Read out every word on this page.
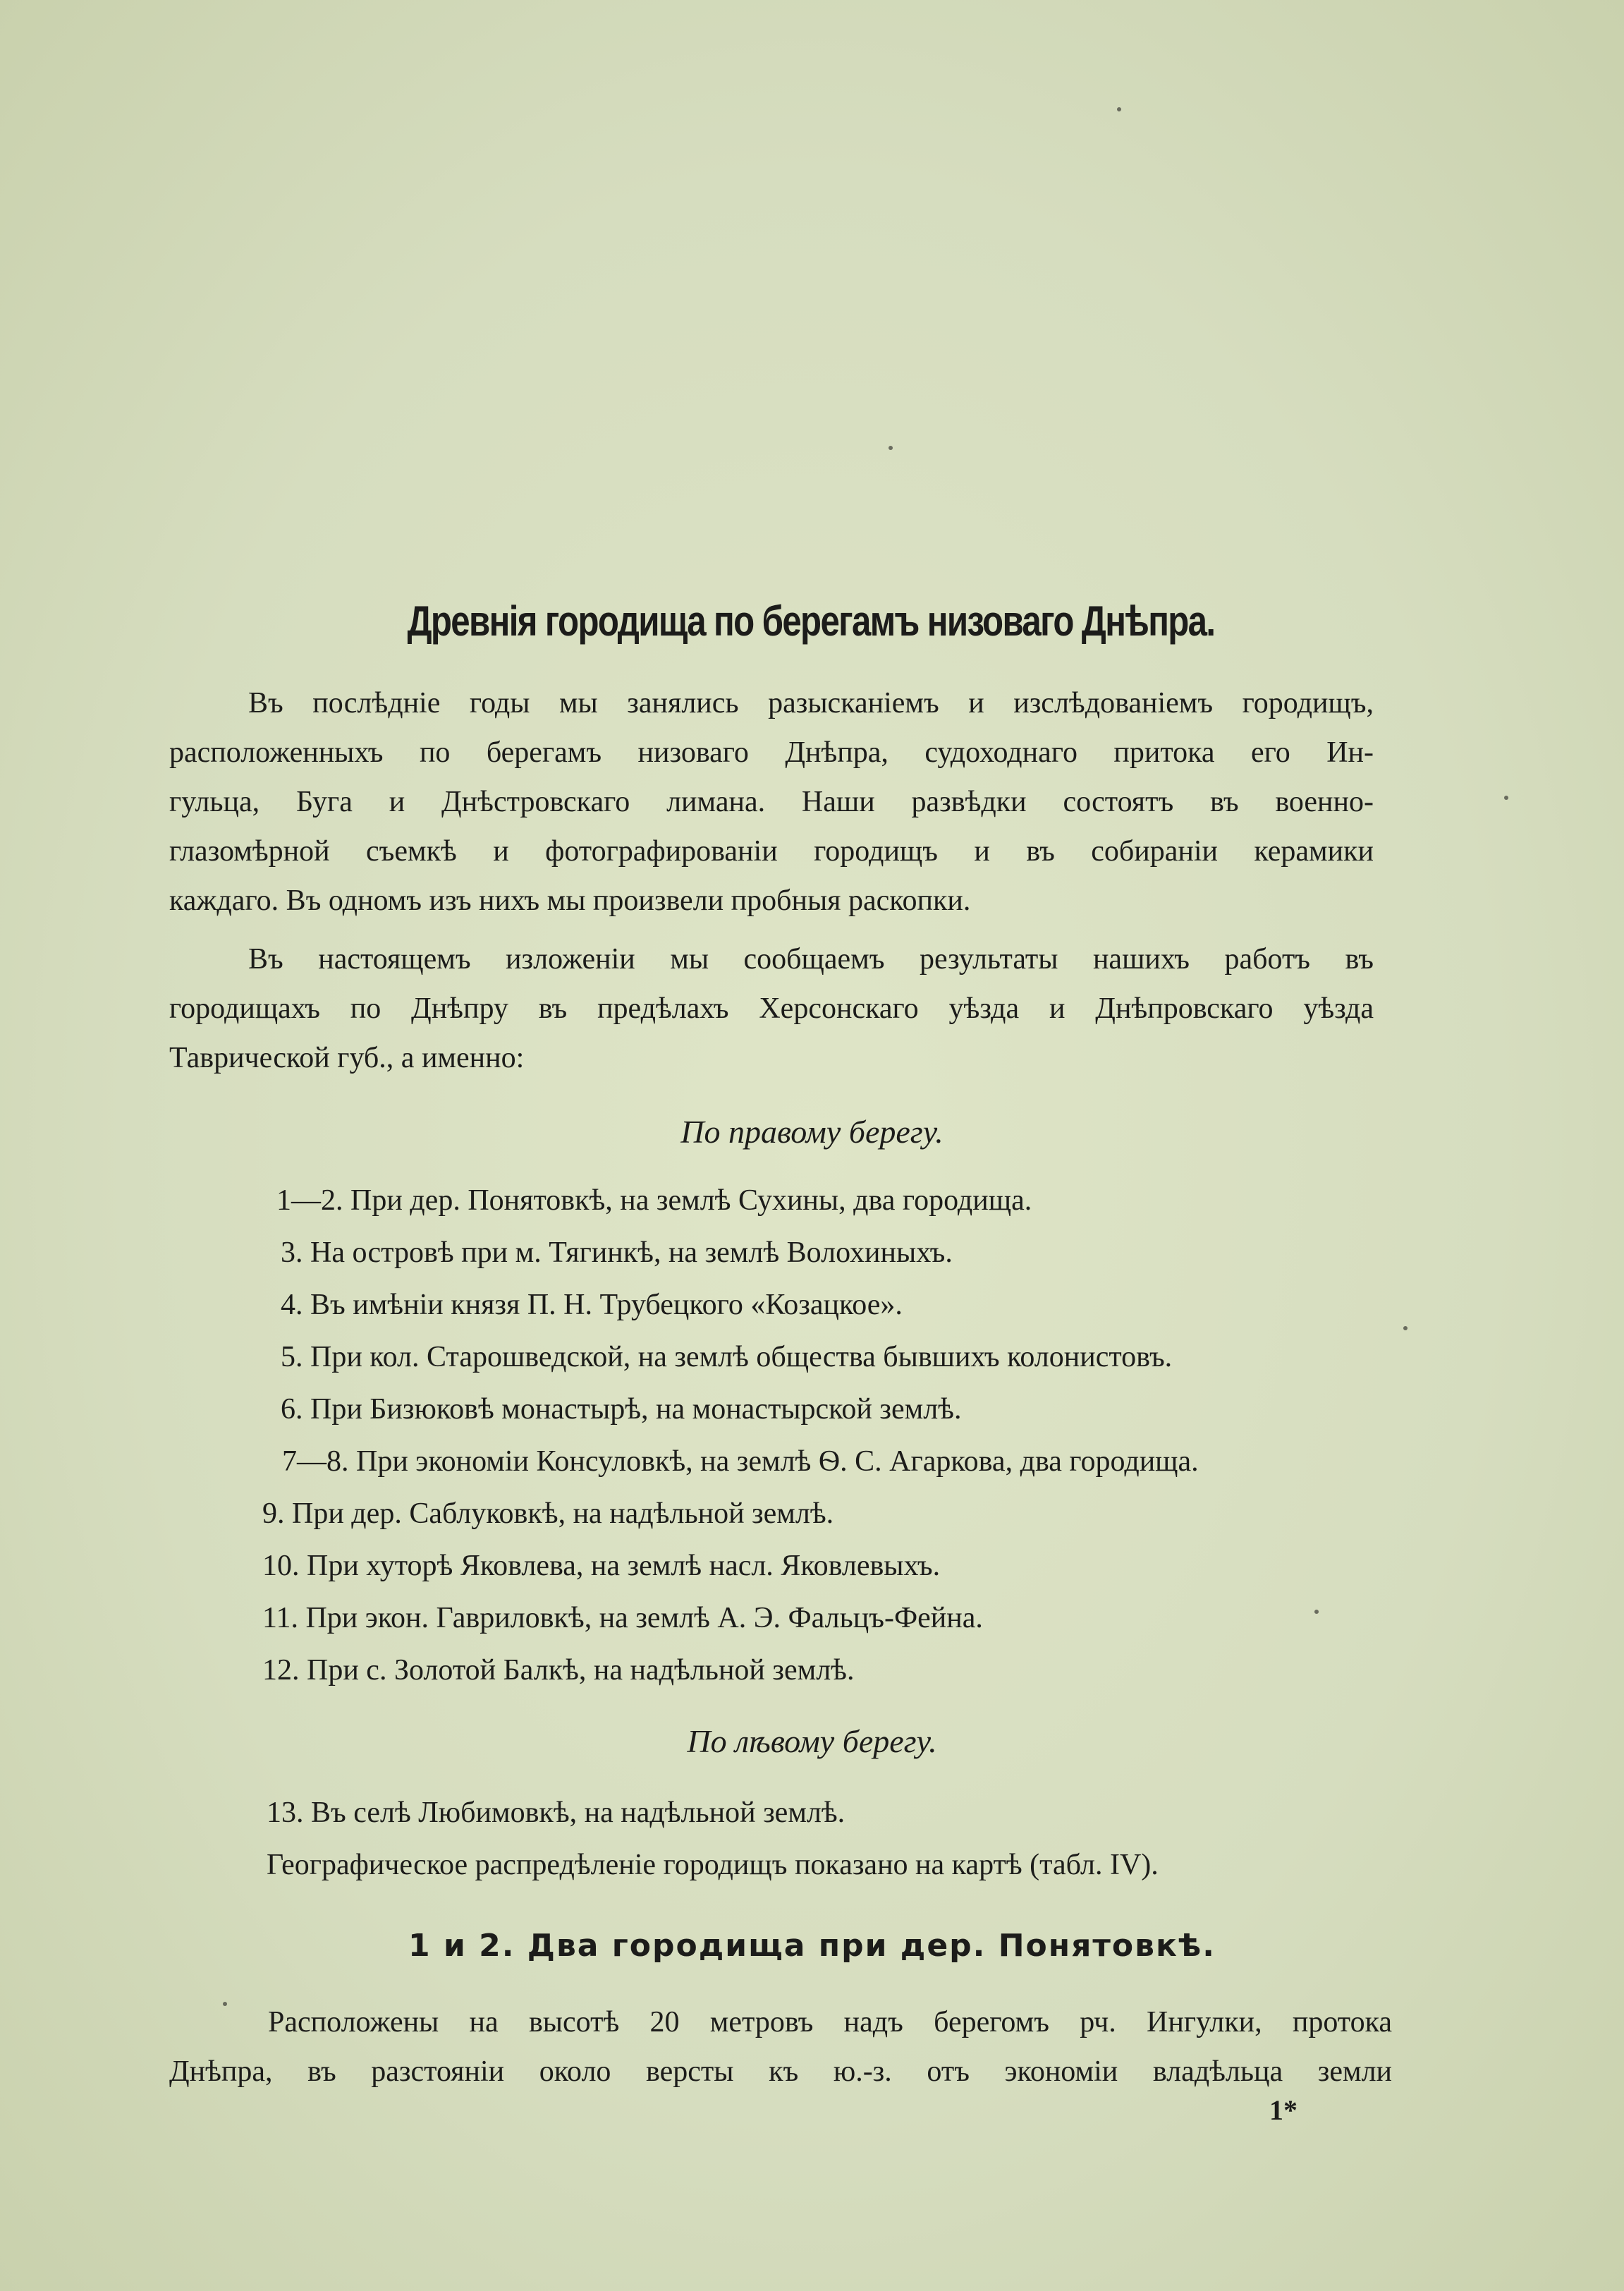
Древнія городища по берегамъ низоваго Днѣпра.
Въ послѣдніе годы мы занялись разысканіемъ и изслѣдованіемъ городищъ,
расположенныхъ по берегамъ низоваго Днѣпра, судоходнаго притока его Ин-
гульца, Буга и Днѣстровскаго лимана. Наши развѣдки состоятъ въ военно-
глазомѣрной съемкѣ и фотографированіи городищъ и въ собираніи керамики
каждаго. Въ одномъ изъ нихъ мы произвели пробныя раскопки.
Въ настоящемъ изложеніи мы сообщаемъ результаты нашихъ работъ въ
городищахъ по Днѣпру въ предѣлахъ Херсонскаго уѣзда и Днѣпровскаго уѣзда
Таврической губ., а именно:
По правому берегу.
1—2. При дер. Понятовкѣ, на землѣ Сухины, два городища.
3. На островѣ при м. Тягинкѣ, на землѣ Волохиныхъ.
4. Въ имѣніи князя П. Н. Трубецкого «Козацкое».
5. При кол. Старошведской, на землѣ общества бывшихъ колонистовъ.
6. При Бизюковѣ монастырѣ, на монастырской землѣ.
7—8. При экономіи Консуловкѣ, на землѣ Ѳ. С. Агаркова, два городища.
9. При дер. Саблуковкѣ, на надѣльной землѣ.
10. При хуторѣ Яковлева, на землѣ насл. Яковлевыхъ.
11. При экон. Гавриловкѣ, на землѣ А. Э. Фальцъ-Фейна.
12. При с. Золотой Балкѣ, на надѣльной землѣ.
По лѣвому берегу.
13. Въ селѣ Любимовкѣ, на надѣльной землѣ.
Географическое распредѣленіе городищъ показано на картѣ (табл. IV).
1 и 2. Два городища при дер. Понятовкѣ.
Расположены на высотѣ 20 метровъ надъ берегомъ рч. Ингулки, протока
Днѣпра, въ разстояніи около версты къ ю.-з. отъ экономіи владѣльца земли
1*
